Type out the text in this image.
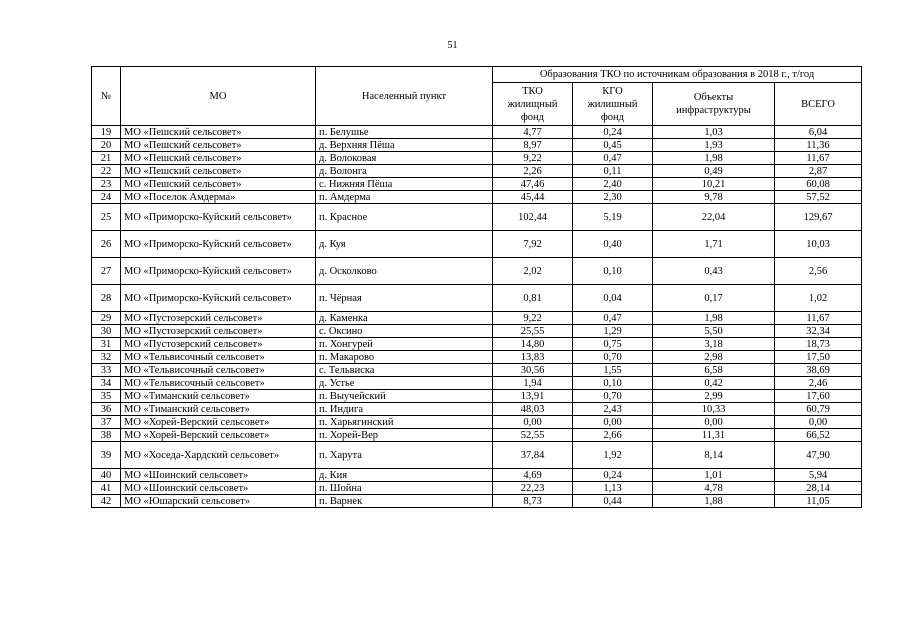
51
№	МО	Населенный пункт	Образования ТКО по источникам образования в 2018 г., т/год			
			ТКО жилищный фонд	КГО жилишный фонд	Объекты инфраструктуры	ВСЕГО
19	МО «Пешский сельсовет»	п. Белушье	4,77	0,24	1,03	6,04
20	МО «Пешский сельсовет»	д. Верхняя Пёша	8,97	0,45	1,93	11,36
21	МО «Пешский сельсовет»	д. Волоковая	9,22	0,47	1,98	11,67
22	МО «Пешский сельсовет»	д. Волонга	2,26	0,11	0,49	2,87
23	МО «Пешский сельсовет»	с. Нижняя Пёша	47,46	2,40	10,21	60,08
24	МО «Поселок Амдерма»	п. Амдерма	45,44	2,30	9,78	57,52
25	МО «Приморско-Куйский сельсовет»	п. Красное	102,44	5,19	22,04	129,67
26	МО «Приморско-Куйский сельсовет»	д. Куя	7,92	0,40	1,71	10,03
27	МО «Приморско-Куйский сельсовет»	д. Осколково	2,02	0,10	0,43	2,56
28	МО «Приморско-Куйский сельсовет»	п. Чёрная	0,81	0,04	0,17	1,02
29	МО «Пустозерский сельсовет»	д. Каменка	9,22	0,47	1,98	11,67
30	МО «Пустозерский сельсовет»	с. Оксино	25,55	1,29	5,50	32,34
31	МО «Пустозерский сельсовет»	п. Хонгурей	14,80	0,75	3,18	18,73
32	МО «Тельвисочный сельсовет»	п. Макарово	13,83	0,70	2,98	17,50
33	МО «Тельвисочный сельсовет»	с. Тельвиска	30,56	1,55	6,58	38,69
34	МО «Тельвисочный сельсовет»	д. Устье	1,94	0,10	0,42	2,46
35	МО «Тиманский сельсовет»	п. Выучейский	13,91	0,70	2,99	17,60
36	МО «Тиманский сельсовет»	п. Индига	48,03	2,43	10,33	60,79
37	МО «Хорей-Верский сельсовет»	п. Харьягинский	0,00	0,00	0,00	0,00
38	МО «Хорей-Верский сельсовет»	п. Хорей-Вер	52,55	2,66	11,31	66,52
39	МО «Хоседа-Хардский сельсовет»	п. Харута	37,84	1,92	8,14	47,90
40	МО «Шоинский сельсовет»	д. Кия	4,69	0,24	1,01	5,94
41	МО «Шоинский сельсовет»	п. Шойна	22,23	1,13	4,78	28,14
42	МО «Юшарский сельсовет»	п. Варнек	8,73	0,44	1,88	11,05
